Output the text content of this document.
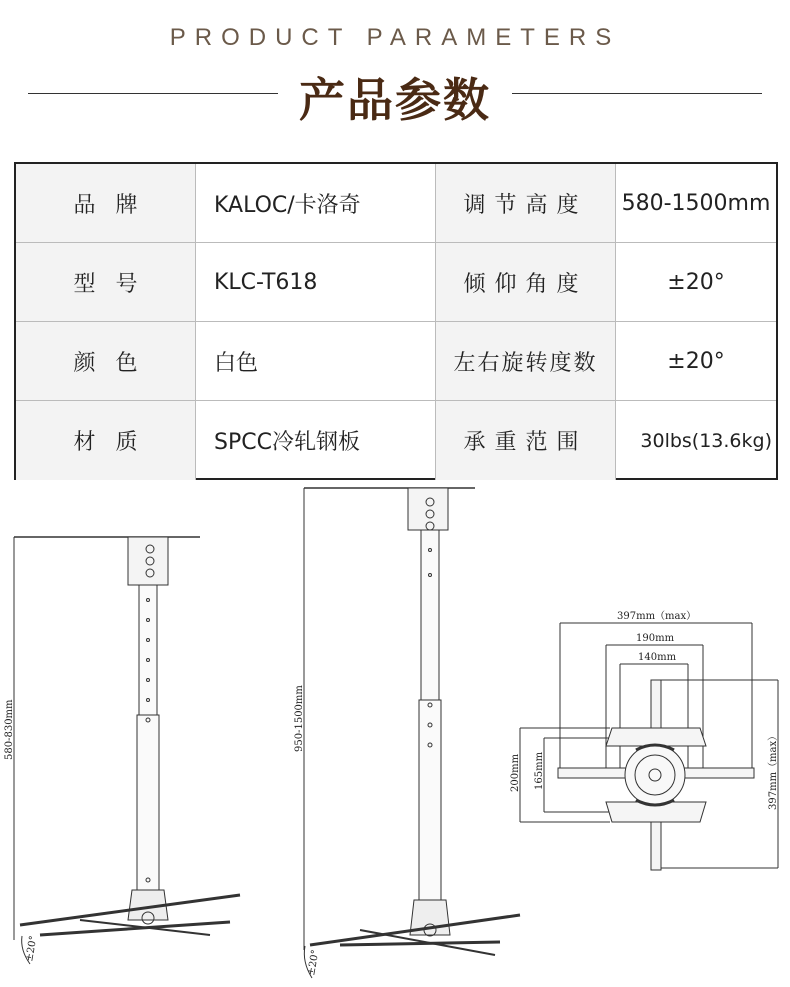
PRODUCT PARAMETERS
产品参数
品牌	KALOC/卡洛奇	调节高度	580-1500mm
型号	KLC-T618	倾仰角度	±20°
颜色	白色	左右旋转度数	±20°
材质	SPCC冷轧钢板	承重范围	30lbs(13.6kg)
580-830mm
±20°
950-1500mm
±20°
397mm（max）
190mm
140mm
200mm 165mm	397mm（max）
